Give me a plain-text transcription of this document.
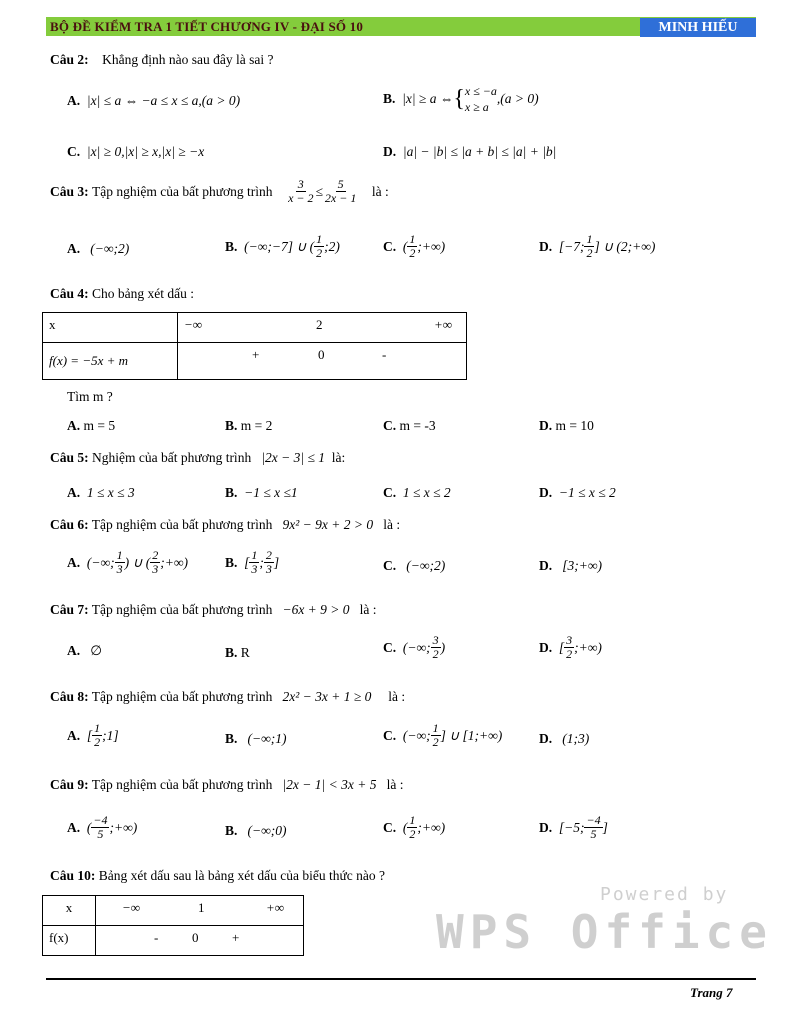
BỘ ĐỀ KIỂM TRA 1 TIẾT CHƯƠNG IV - ĐẠI SỐ 10	MINH HIẾU
Câu 2: Khẳng định nào sau đây là sai ?
A. |x| ≤ a ⇔ −a ≤ x ≤ a,(a > 0)	B.
|x| ≥ a ⇔ { x ≤ −a
x ≥ a
,(a > 0)
C. |x| ≥ 0,|x| ≥ x,|x| ≥ −x	D. |a| − |b| ≤ |a + b| ≤ |a| + |b|
Câu 3:
Tập nghiệm của bất phương trình
$\frac{3}{x - 2} \le \frac{5}{2x - 1}$
là :
A. (−∞;2)	B.
(−∞;−7] ∪ ( $\frac{1}{2}$ ;2)	C.
( $\frac{1}{2}$ ;+∞)	D.
[−7; $\frac{1}{2}$ ] ∪ (2;+∞)
Câu 4: Cho bảng xét dấu :
x	−∞ 2 +∞

f(x) = −5x + m	+ 0 -
Tìm m ?
A. m = 5	B. m = 2	C. m = -3	D. m = 10
Câu 5: Nghiệm của bất phương trình |2x − 3| ≤ 1 là:
A. 1 ≤ x ≤ 3	B. −1 ≤ x ≤1	C. 1 ≤ x ≤ 2	D. −1 ≤ x ≤ 2
Câu 6: Tập nghiệm của bất phương trình 9x² − 9x + 2 > 0 là :
A.
(−∞; $\frac{1}{3}$ ) ∪ ( $\frac{2}{3}$ ;+∞)	B.
[ $\frac{1}{3}$ ; $\frac{2}{3}$ ]	C. (−∞;2)	D. [3;+∞)
Câu 7: Tập nghiệm của bất phương trình −6x + 9 > 0 là :
A. ∅	B. R	C.
(−∞; $\frac{3}{2}$ )	D.
[ $\frac{3}{2}$ ;+∞)
Câu 8: Tập nghiệm của bất phương trình 2x² − 3x + 1 ≥ 0 là :
A.
[ $\frac{1}{2}$ ;1]	B. (−∞;1)	C.
(−∞; $\frac{1}{2}$ ] ∪ [1;+∞)	D. (1;3)
Câu 9: Tập nghiệm của bất phương trình |2x − 1| < 3x + 5 là :
A.
( $\frac{-4}{5}$ ;+∞)	B. (−∞;0)	C.
( $\frac{1}{2}$ ;+∞)	D.
[−5; $\frac{-4}{5}$ ]
Câu 10: Bảng xét dấu sau là bảng xét dấu của biểu thức nào ?
x	−∞ 1 +∞

f(x)	- 0 +
Powered by
WPS Office
Trang 7
